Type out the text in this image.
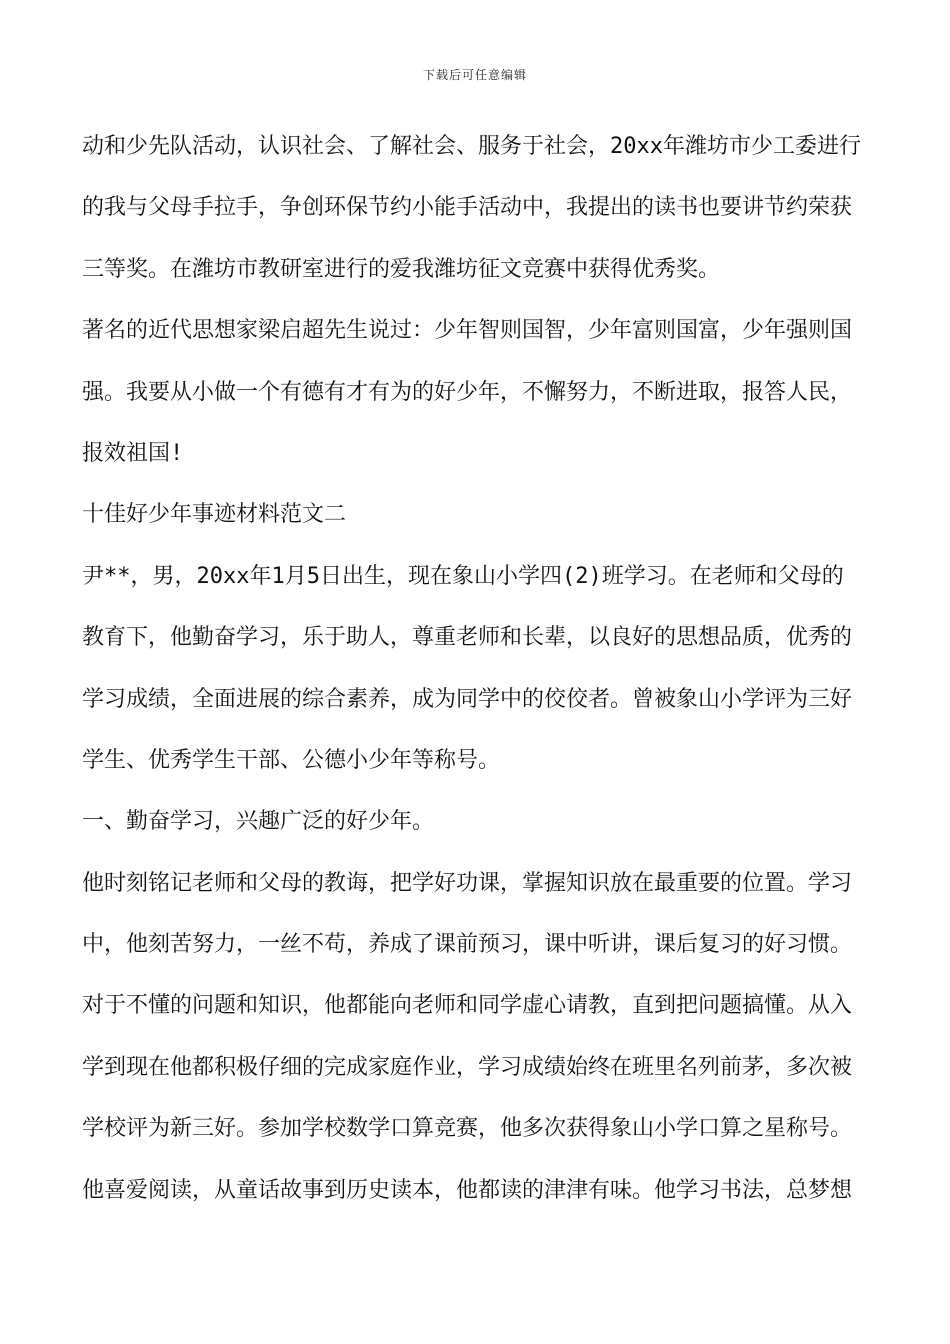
下载后可任意编辑
动和少先队活动，认识社会、了解社会、服务于社会，20xx年潍坊市少工委进行
的我与父母手拉手，争创环保节约小能手活动中，我提出的读书也要讲节约荣获
三等奖。在潍坊市教研室进行的爱我潍坊征文竞赛中获得优秀奖。
著名的近代思想家梁启超先生说过：少年智则国智，少年富则国富，少年强则国
强。我要从小做一个有德有才有为的好少年，不懈努力，不断进取，报答人民，
报效祖国!
十佳好少年事迹材料范文二
尹**，男，20xx年1月5日出生，现在象山小学四(2)班学习。在老师和父母的
教育下，他勤奋学习，乐于助人，尊重老师和长辈，以良好的思想品质，优秀的
学习成绩，全面进展的综合素养，成为同学中的佼佼者。曾被象山小学评为三好
学生、优秀学生干部、公德小少年等称号。
一、勤奋学习，兴趣广泛的好少年。
他时刻铭记老师和父母的教诲，把学好功课，掌握知识放在最重要的位置。学习
中，他刻苦努力，一丝不苟，养成了课前预习，课中听讲，课后复习的好习惯。
对于不懂的问题和知识，他都能向老师和同学虚心请教，直到把问题搞懂。从入
学到现在他都积极仔细的完成家庭作业，学习成绩始终在班里名列前茅，多次被
学校评为新三好。参加学校数学口算竞赛，他多次获得象山小学口算之星称号。
他喜爱阅读，从童话故事到历史读本，他都读的津津有味。他学习书法，总梦想
